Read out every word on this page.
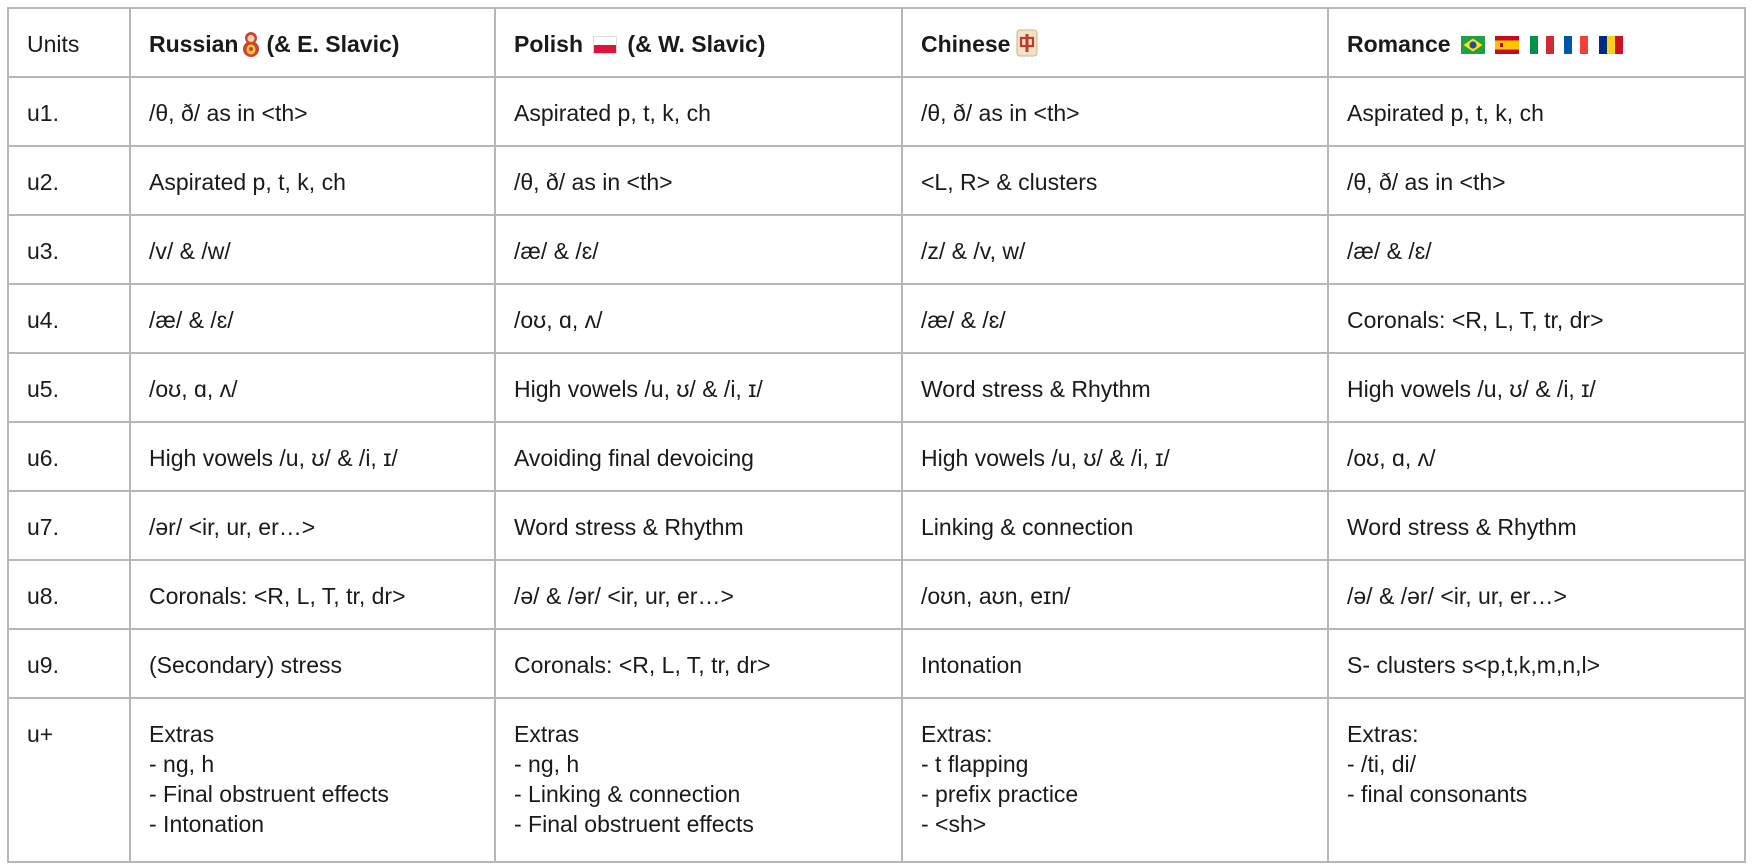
Units	Russian (& E. Slavic)	Polish (& W. Slavic)	Chinese	Romance
u1.	/θ, ð/ as in <th>	Aspirated p, t, k, ch	/θ, ð/ as in <th>	Aspirated p, t, k, ch
u2.	Aspirated p, t, k, ch	/θ, ð/ as in <th>	<L, R> & clusters	/θ, ð/ as in <th>
u3.	/v/ & /w/	/æ/ & /ɛ/	/z/ & /v, w/	/æ/ & /ɛ/
u4.	/æ/ & /ɛ/	/oʊ, ɑ, ʌ/	/æ/ & /ɛ/	Coronals: <R, L, T, tr, dr>
u5.	/oʊ, ɑ, ʌ/	High vowels /u, ʊ/ & /i, ɪ/	Word stress & Rhythm	High vowels /u, ʊ/ & /i, ɪ/
u6.	High vowels /u, ʊ/ & /i, ɪ/	Avoiding final devoicing	High vowels /u, ʊ/ & /i, ɪ/	/oʊ, ɑ, ʌ/
u7.	/ər/ <ir, ur, er…>	Word stress & Rhythm	Linking & connection	Word stress & Rhythm
u8.	Coronals: <R, L, T, tr, dr>	/ə/ & /ər/ <ir, ur, er…>	/oʊn, aʊn, eɪn/	/ə/ & /ər/ <ir, ur, er…>
u9.	(Secondary) stress	Coronals: <R, L, T, tr, dr>	Intonation	S- clusters s<p,t,k,m,n,l>
u+	Extras
- ng, h
- Final obstruent effects
- Intonation	Extras
- ng, h
- Linking & connection
- Final obstruent effects	Extras:
- t flapping
- prefix practice
- <sh>	Extras:
- /ti, di/
- final consonants
